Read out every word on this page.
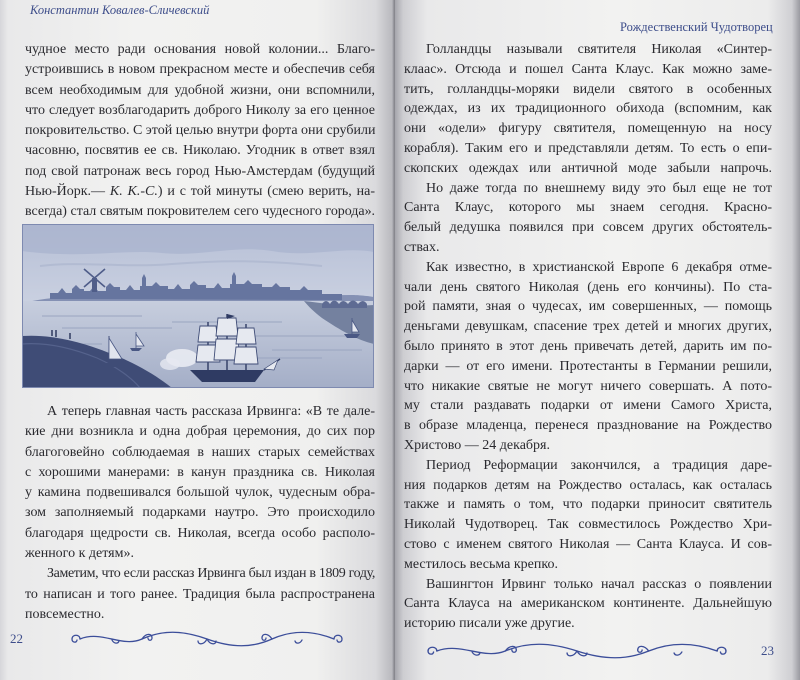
Константин Ковалев-Сличевский
чудное место ради основания новой колонии... Благо-
устроившись в новом прекрасном месте и обеспечив себя
всем необходимым для удобной жизни, они вспомнили,
что следует возблагодарить доброго Николу за его ценное
покровительство. С этой целью внутри форта они срубили
часовню, посвятив ее св. Николаю. Угодник в ответ взял
под свой патронаж весь город Нью-Амстердам (будущий
Нью-Йорк.— К. К.-С.) и с той минуты (смею верить, на-
всегда) стал святым покровителем сего чудесного города».
А теперь главная часть рассказа Ирвинга: «В те дале-
кие дни возникла и одна добрая церемония, до сих пор
благоговейно соблюдаемая в наших старых семействах
с хорошими манерами: в канун праздника св. Николая
у камина подвешивался большой чулок, чудесным обра-
зом заполняемый подарками наутро. Это происходило
благодаря щедрости св. Николая, всегда особо располо-
женного к детям».
Заметим, что если рассказ Ирвинга был издан в 1809 году,
то написан и того ранее. Традиция была распространена
повсеместно.
22
Рождественский Чудотворец
Голландцы называли святителя Николая «Синтер-
клаас». Отсюда и пошел Санта Клаус. Как можно заме-
тить, голландцы-моряки видели святого в особенных
одеждах, из их традиционного обихода (вспомним, как
они «одели» фигуру святителя, помещенную на носу
корабля). Таким его и представляли детям. То есть о епи-
скопских одеждах или античной моде забыли напрочь.
Но даже тогда по внешнему виду это был еще не тот
Санта Клаус, которого мы знаем сегодня. Красно-
белый дедушка появился при совсем других обстоятель-
ствах.
Как известно, в христианской Европе 6 декабря отме-
чали день святого Николая (день его кончины). По ста-
рой памяти, зная о чудесах, им совершенных, — помощь
деньгами девушкам, спасение трех детей и многих других,
было принято в этот день привечать детей, дарить им по-
дарки — от его имени. Протестанты в Германии решили,
что никакие святые не могут ничего совершать. А пото-
му стали раздавать подарки от имени Самого Христа,
в образе младенца, перенеся празднование на Рождество
Христово — 24 декабря.
Период Реформации закончился, а традиция даре-
ния подарков детям на Рождество осталась, как осталась
также и память о том, что подарки приносит святитель
Николай Чудотворец. Так совместилось Рождество Хри-
стово с именем святого Николая — Санта Клауса. И сов-
местилось весьма крепко.
Вашингтон Ирвинг только начал рассказ о появлении
Санта Клауса на американском континенте. Дальнейшую
историю писали уже другие.
23
